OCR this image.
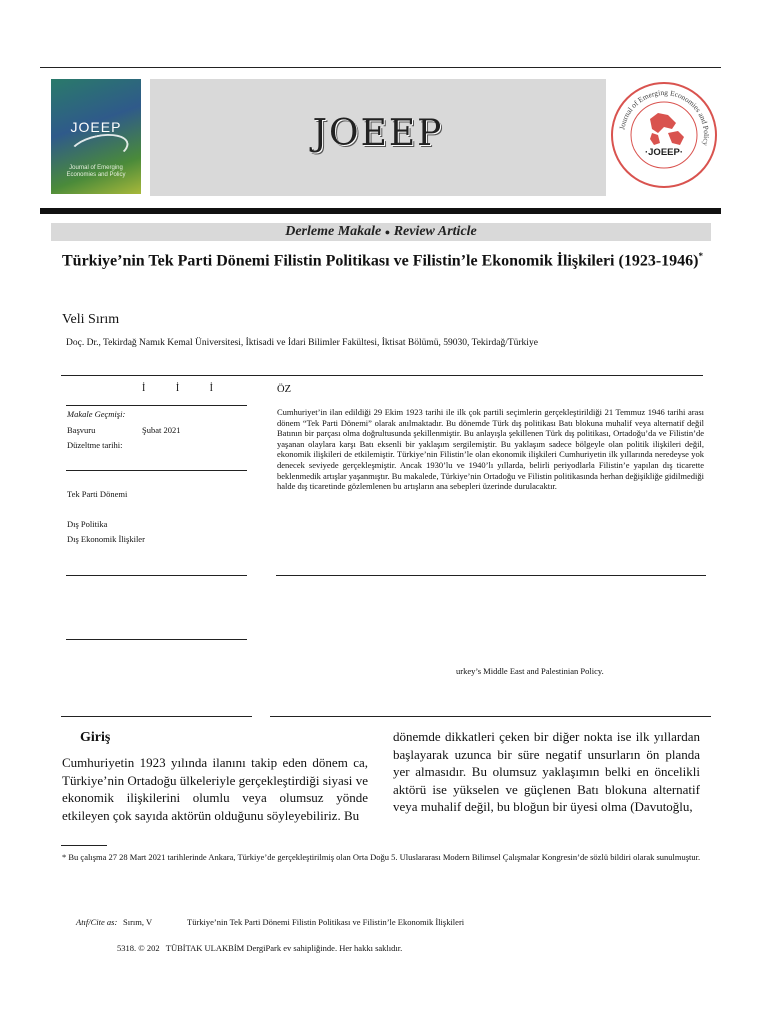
JOEEP
Journal of Emerging Economies and Policy
JOEEP	Journal of Emerging Economies and Policy
·JOEEP·
Derleme Makale ● Review Article
Türkiye’nin Tek Parti Dönemi Filistin Politikası ve Filistin’le Ekonomik İlişkileri (1923-1946)*
Veli Sırım
Doç. Dr., Tekirdağ Namık Kemal Üniversitesi, İktisadi ve İdari Bilimler Fakültesi, İktisat Bölümü, 59030, Tekirdağ/Türkiye
İ İ İ	ÖZ
Makale Geçmişi:
Başvuru	Şubat 2021
Düzeltme tarihi:
Tek Parti Dönemi
Dış Politika
Dış Ekonomik İlişkiler
Cumhuriyet’in ilan edildiği 29 Ekim 1923 tarihi ile ilk çok partili seçimlerin gerçekleştirildiği 21 Temmuz 1946 tarihi arası dönem “Tek Parti Dönemi” olarak anılmaktadır. Bu dönemde Türk dış politikası Batı blokuna muhalif veya alternatif değil Batının bir parçası olma doğrultusunda şekillenmiştir. Bu anlayışla şekillenen Türk dış politikası, Ortadoğu’da ve Filistin’de yaşanan olaylara karşı Batı eksenli bir yaklaşım sergilemiştir. Bu yaklaşım sadece bölgeyle olan politik ilişkileri değil, ekonomik ilişkileri de etkilemiştir. Türkiye’nin Filistin’le olan ekonomik ilişkileri Cumhuriyetin ilk yıllarında neredeyse yok denecek seviyede gerçekleşmiştir. Ancak 1930’lu ve 1940’lı yıllarda, belirli periyodlarla Filistin’e yapılan dış ticarette beklenmedik artışlar yaşanmıştır. Bu makalede, Türkiye’nin Ortadoğu ve Filistin politikasında herhan değişikliğe gidilmediği halde dış ticaretinde gözlemlenen bu artışların ana sebepleri üzerinde durulacaktır.
urkey’s Middle East and Palestinian Policy.
Giriş
Cumhuriyetin 1923 yılında ilanını takip eden dönem ca, Türkiye’nin Ortadoğu ülkeleriyle gerçekleştirdiği siyasi ve ekonomik ilişkilerini olumlu veya olumsuz yönde etkileyen çok sayıda aktörün olduğunu söyleyebiliriz. Bu
dönemde dikkatleri çeken bir diğer nokta ise ilk yıllardan başlayarak uzunca bir süre negatif unsurların ön planda yer almasıdır. Bu olumsuz yaklaşımın belki en öncelikli aktörü ise yükselen ve güçlenen Batı blokuna alternatif veya muhalif değil, bu bloğun bir üyesi olma (Davutoğlu,
* Bu çalışma 27 28 Mart 2021 tarihlerinde Ankara, Türkiye’de gerçekleştirilmiş olan Orta Doğu 5. Uluslararası Modern Bilimsel Çalışmalar Kongresin’de sözlü bildiri olarak sunulmuştur.
Atıf/Cite as: Sırım, V	Türkiye’nin Tek Parti Dönemi Filistin Politikası ve Filistin’le Ekonomik İlişkileri
5318. © 202   TÜBİTAK ULAKBİM DergiPark ev sahipliğinde. Her hakkı saklıdır.
